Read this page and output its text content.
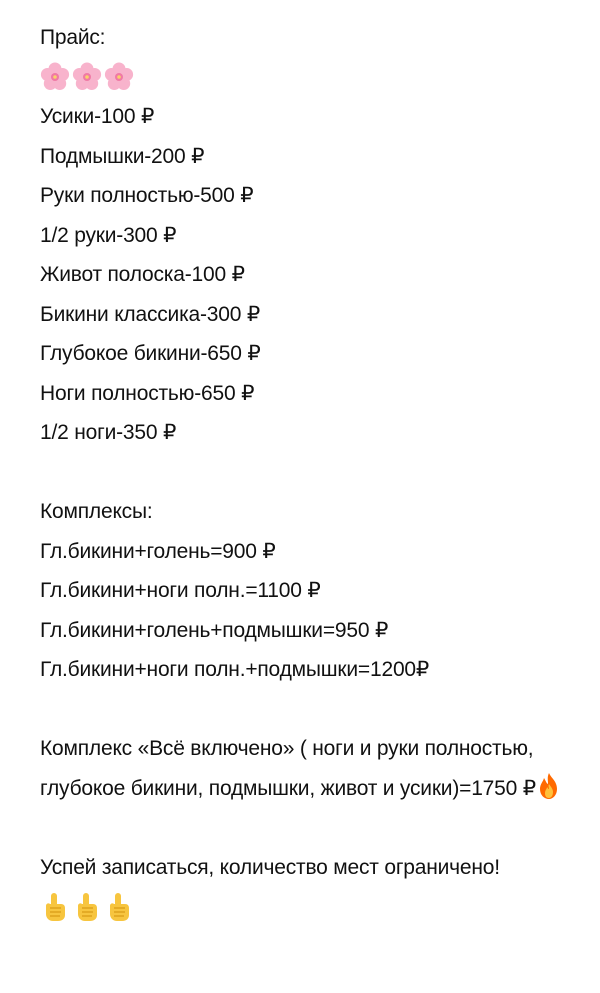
Прайс:
Усики-100 ₽
Подмышки-200 ₽
Руки полностью-500 ₽
1/2 руки-300 ₽
Живот полоска-100 ₽
Бикини классика-300 ₽
Глубокое бикини-650 ₽
Ноги полностью-650 ₽
1/2 ноги-350 ₽
Комплексы:
Гл.бикини+голень=900 ₽
Гл.бикини+ноги полн.=1100 ₽
Гл.бикини+голень+подмышки=950 ₽
Гл.бикини+ноги полн.+подмышки=1200₽
Комплекс «Всё включено» ( ноги и руки полностью, глубокое бикини, подмышки, живот и усики)=1750 ₽
Успей записаться, количество мест ограничено!
